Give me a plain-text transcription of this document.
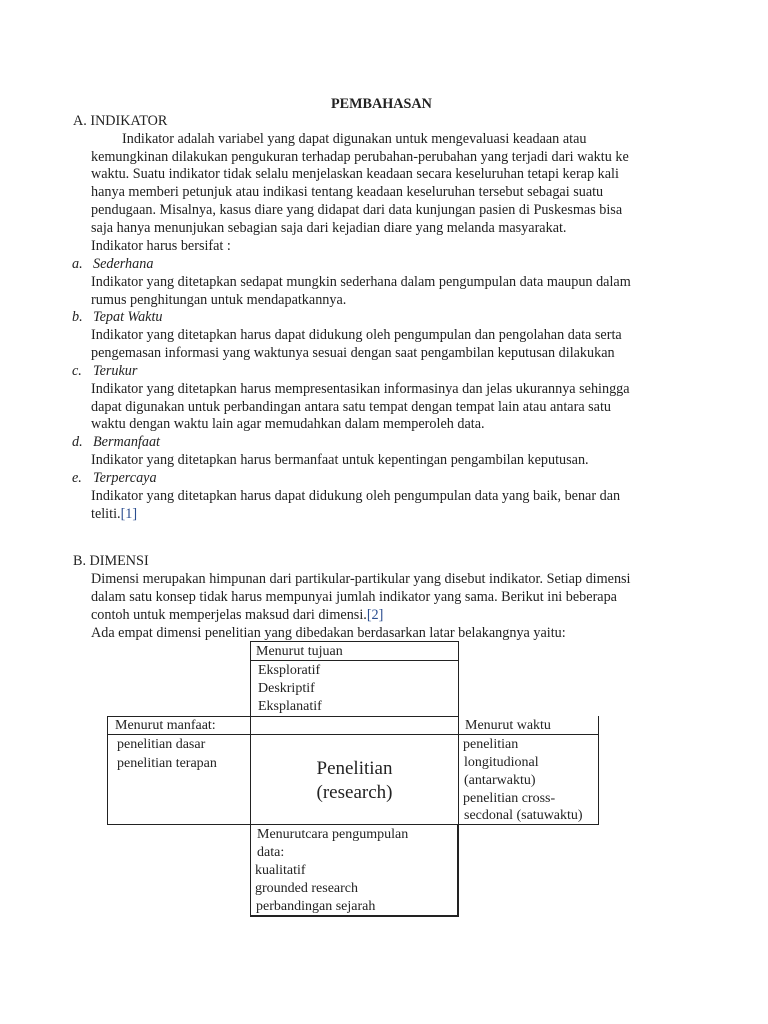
PEMBAHASAN
A. INDIKATOR
Indikator adalah variabel yang dapat digunakan untuk mengevaluasi keadaan atau
kemungkinan dilakukan pengukuran terhadap perubahan-perubahan yang terjadi dari waktu ke
waktu. Suatu indikator tidak selalu menjelaskan keadaan secara keseluruhan tetapi kerap kali
hanya memberi petunjuk atau indikasi tentang keadaan keseluruhan tersebut sebagai suatu
pendugaan. Misalnya, kasus diare yang didapat dari data kunjungan pasien di Puskesmas bisa
saja hanya menunjukan sebagian saja dari kejadian diare yang melanda masyarakat.
Indikator harus bersifat :
a. Sederhana
Indikator yang ditetapkan sedapat mungkin sederhana dalam pengumpulan data maupun dalam
rumus penghitungan untuk mendapatkannya.
b. Tepat Waktu
Indikator yang ditetapkan harus dapat didukung oleh pengumpulan dan pengolahan data serta
pengemasan informasi yang waktunya sesuai dengan saat pengambilan keputusan dilakukan
c. Terukur
Indikator yang ditetapkan harus mempresentasikan informasinya dan jelas ukurannya sehingga
dapat digunakan untuk perbandingan antara satu tempat dengan tempat lain atau antara satu
waktu dengan waktu lain agar memudahkan dalam memperoleh data.
d. Bermanfaat
Indikator yang ditetapkan harus bermanfaat untuk kepentingan pengambilan keputusan.
e. Terpercaya
Indikator yang ditetapkan harus dapat didukung oleh pengumpulan data yang baik, benar dan
teliti.[1]
B. DIMENSI
Dimensi merupakan himpunan dari partikular-partikular yang disebut indikator. Setiap dimensi
dalam satu konsep tidak harus mempunyai jumlah indikator yang sama. Berikut ini beberapa
contoh untuk memperjelas maksud dari dimensi.[2]
Ada empat dimensi penelitian yang dibedakan berdasarkan latar belakangnya yaitu:
Menurut tujuan
Eksploratif
Deskriptif
Eksplanatif
Menurut manfaat:
penelitian dasar
penelitian terapan	Penelitian
(research)
Menurut waktu
penelitian
longitudional
(antarwaktu)
penelitian cross-
secdonal (satuwaktu)
Menurutcara pengumpulan
data:
kualitatif
grounded research
perbandingan sejarah
